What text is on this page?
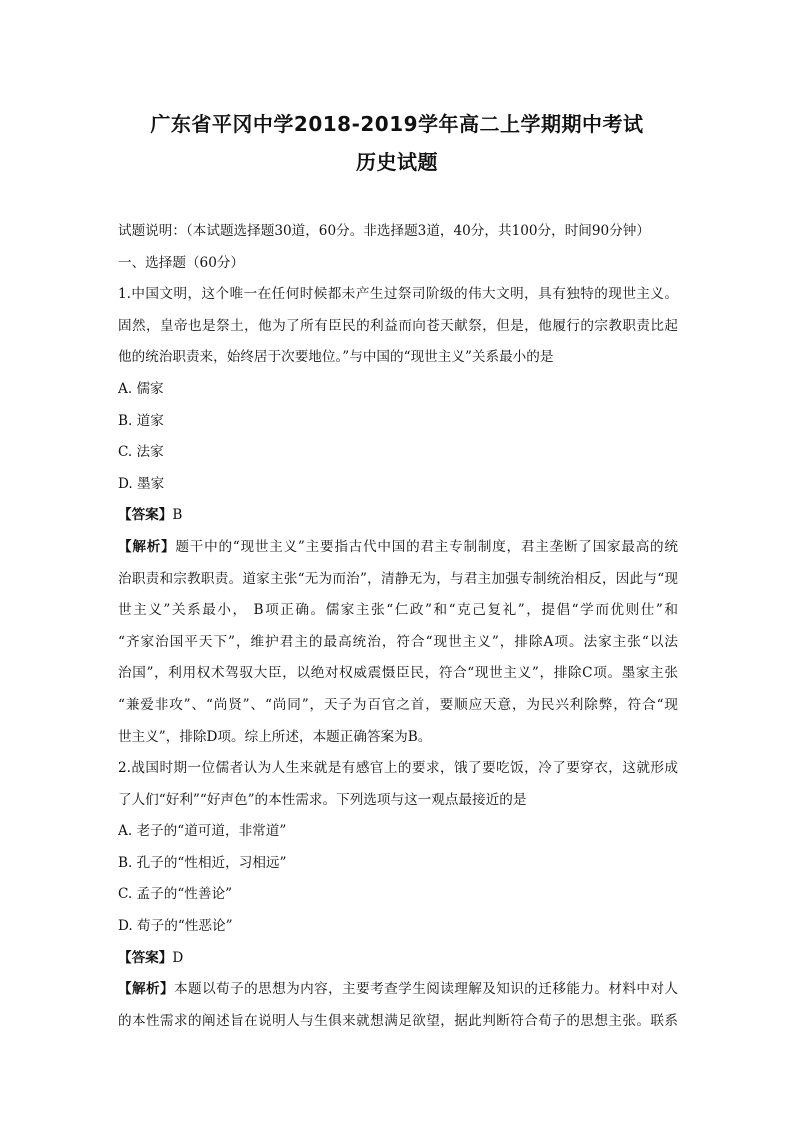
广东省平冈中学2018-2019学年高二上学期期中考试
历史试题
试题说明：（本试题选择题30道，60分。非选择题3道，40分，共100分，时间90分钟）
一、选择题（60分）
1.中国文明，这个唯一在任何时候都未产生过祭司阶级的伟大文明，具有独特的现世主义。
固然，皇帝也是祭土，他为了所有臣民的利益而向苍天献祭，但是，他履行的宗教职责比起
他的统治职责来，始终居于次要地位。”与中国的“现世主义”关系最小的是
A. 儒家
B. 道家
C. 法家
D. 墨家
【答案】B
【解析】题干中的“现世主义”主要指古代中国的君主专制制度，君主垄断了国家最高的统
治职责和宗教职责。道家主张“无为而治”，清静无为，与君主加强专制统治相反，因此与“现
世主义”关系最小， B项正确。儒家主张“仁政”和“克己复礼”，提倡“学而优则仕”和
“齐家治国平天下”，维护君主的最高统治，符合“现世主义”，排除A项。法家主张“以法
治国”，利用权术驾驭大臣，以绝对权威震慑臣民，符合“现世主义”，排除C项。墨家主张
“兼爱非攻”、“尚贤”、“尚同”，天子为百官之首，要顺应天意，为民兴利除弊，符合“现
世主义”，排除D项。综上所述，本题正确答案为B。
2.战国时期一位儒者认为人生来就是有感官上的要求，饿了要吃饭，冷了要穿衣，这就形成
了人们“好利”“好声色”的本性需求。下列选项与这一观点最接近的是
A. 老子的“道可道，非常道”
B. 孔子的“性相近，习相远”
C. 孟子的“性善论”
D. 荀子的“性恶论”
【答案】D
【解析】本题以荀子的思想为内容，主要考查学生阅读理解及知识的迁移能力。材料中对人
的本性需求的阐述旨在说明人与生俱来就想满足欲望，据此判断符合荀子的思想主张。联系
